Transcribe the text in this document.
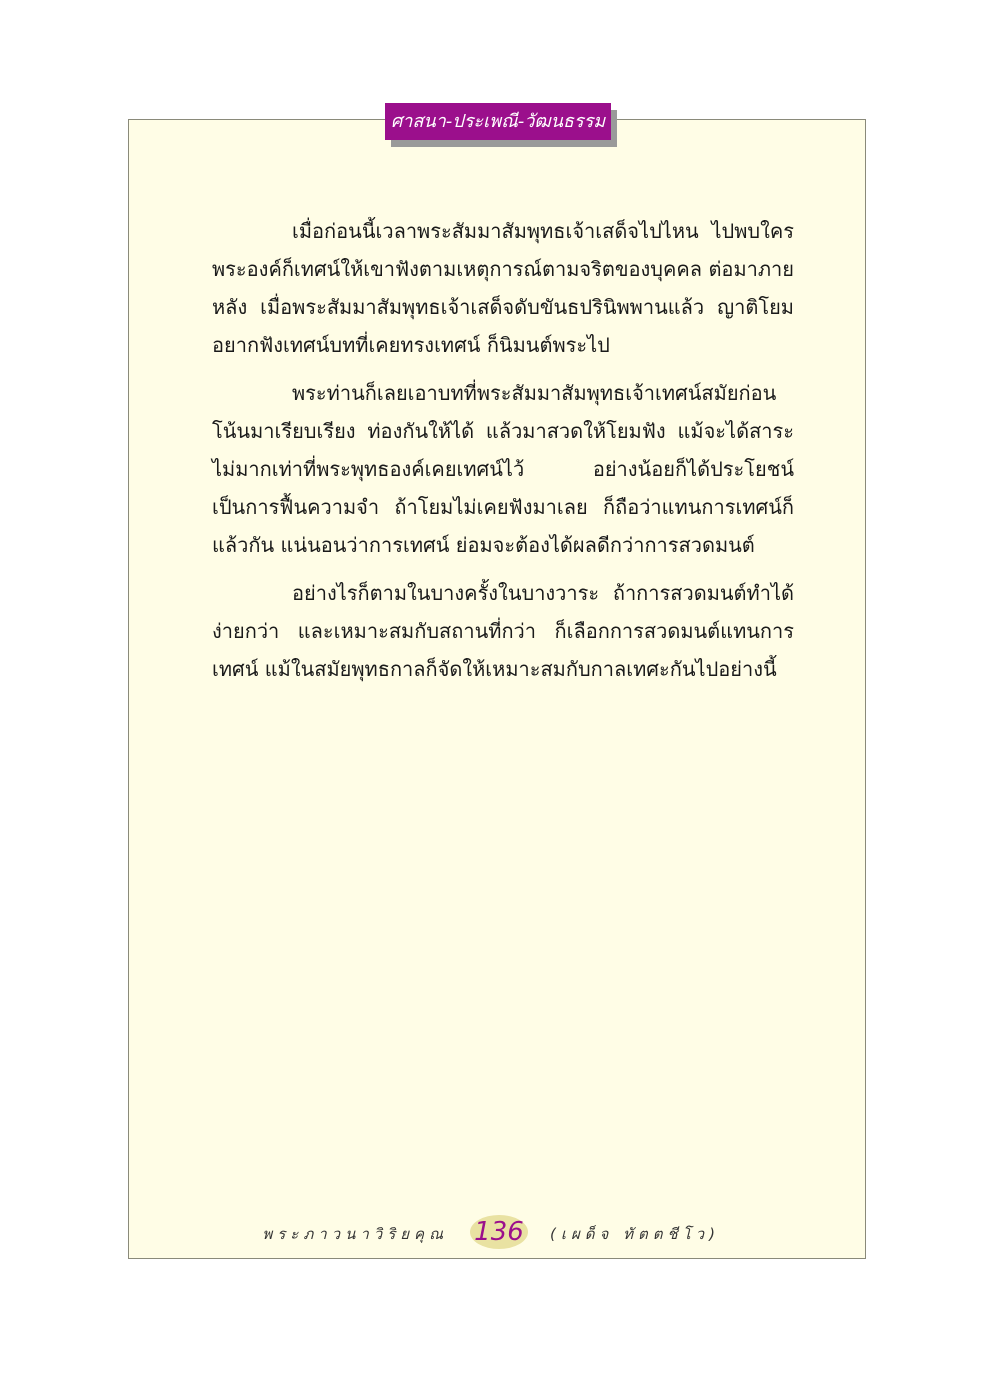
ศาสนา-ประเพณี-วัฒนธรรม

เมื่อก่อนนี้เวลาพระสัมมาสัมพุทธเจ้าเสด็จไปไหน ไปพบใคร พระองค์ก็เทศน์ให้เขาฟังตามเหตุการณ์ตามจริตของบุคคล ต่อมาภายหลัง เมื่อพระสัมมาสัมพุทธเจ้าเสด็จดับขันธปรินิพพานแล้ว ญาติโยมอยากฟังเทศน์บทที่เคยทรงเทศน์ ก็นิมนต์พระไป

พระท่านก็เลยเอาบทที่พระสัมมาสัมพุทธเจ้าเทศน์สมัยก่อนโน้นมาเรียบเรียง ท่องกันให้ได้ แล้วมาสวดให้โยมฟัง แม้จะได้สาระไม่มากเท่าที่พระพุทธองค์เคยเทศน์ไว้ อย่างน้อยก็ได้ประโยชน์เป็นการฟื้นความจำ ถ้าโยมไม่เคยฟังมาเลย ก็ถือว่าแทนการเทศน์ก็แล้วกัน แน่นอนว่าการเทศน์ ย่อมจะต้องได้ผลดีกว่าการสวดมนต์

อย่างไรก็ตามในบางครั้งในบางวาระ ถ้าการสวดมนต์ทำได้ง่ายกว่า และเหมาะสมกับสถานที่กว่า ก็เลือกการสวดมนต์แทนการเทศน์ แม้ในสมัยพุทธกาลก็จัดให้เหมาะสมกับกาลเทศะกันไปอย่างนี้

พระภาวนาวิริยคุณ 136 (เผด็จ ทัตตชีโว)
